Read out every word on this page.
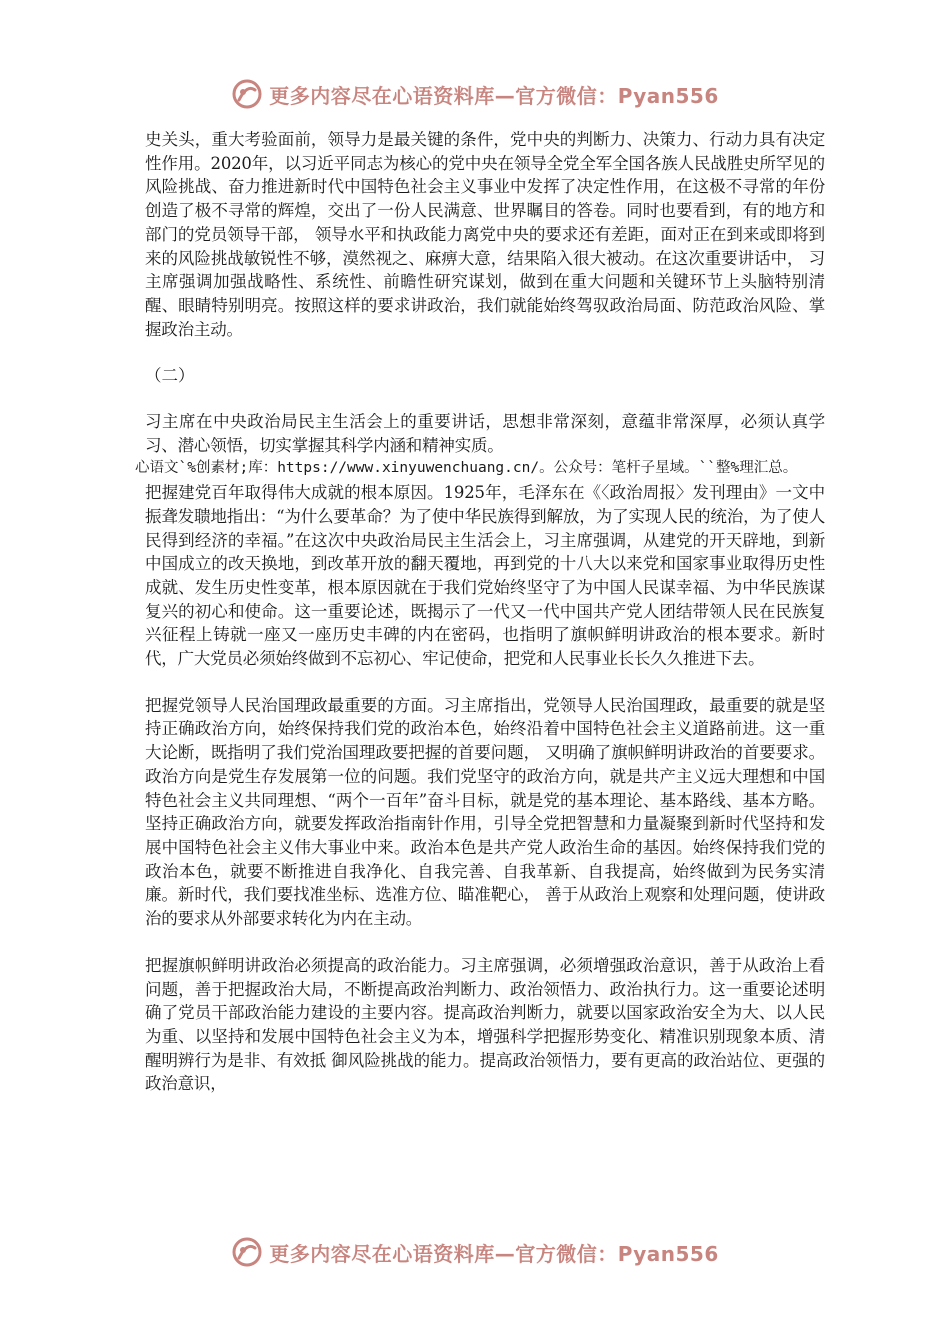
更多内容尽在心语资料库—官方微信：Pyan556

史关头，重大考验面前，领导力是最关键的条件，党中央的判断力、决策力、行动力具有决定性作用。2020年，以习近平同志为核心的党中央在领导全党全军全国各族人民战胜史所罕见的风险挑战、奋力推进新时代中国特色社会主义事业中发挥了决定性作用，在这极不寻常的年份创造了极不寻常的辉煌，交出了一份人民满意、世界瞩目的答卷。同时也要看到，有的地方和部门的党员领导干部， 领导水平和执政能力离党中央的要求还有差距，面对正在到来或即将到来的风险挑战敏锐性不够，漠然视之、麻痹大意，结果陷入很大被动。在这次重要讲话中， 习主席强调加强战略性、系统性、前瞻性研究谋划，做到在重大问题和关键环节上头脑特别清醒、眼睛特别明亮。按照这样的要求讲政治，我们就能始终驾驭政治局面、防范政治风险、掌握政治主动。

（二）

习主席在中央政治局民主生活会上的重要讲话，思想非常深刻，意蕴非常深厚，必须认真学习、潜心领悟，切实掌握其科学内涵和精神实质。

心语文`%创素材;库：https://www.xinyuwenchuang.cn/。公众号：笔杆子星域。``整%理汇总。

把握建党百年取得伟大成就的根本原因。1925年，毛泽东在《〈政治周报〉发刊理由》一文中振聋发聩地指出：“为什么要革命？为了使中华民族得到解放，为了实现人民的统治，为了使人民得到经济的幸福。”在这次中央政治局民主生活会上，习主席强调，从建党的开天辟地，到新中国成立的改天换地，到改革开放的翻天覆地，再到党的十八大以来党和国家事业取得历史性成就、发生历史性变革，根本原因就在于我们党始终坚守了为中国人民谋幸福、为中华民族谋复兴的初心和使命。这一重要论述，既揭示了一代又一代中国共产党人团结带领人民在民族复兴征程上铸就一座又一座历史丰碑的内在密码，也指明了旗帜鲜明讲政治的根本要求。新时代，广大党员必须始终做到不忘初心、牢记使命，把党和人民事业长长久久推进下去。

把握党领导人民治国理政最重要的方面。习主席指出，党领导人民治国理政，最重要的就是坚持正确政治方向，始终保持我们党的政治本色，始终沿着中国特色社会主义道路前进。这一重大论断，既指明了我们党治国理政要把握的首要问题， 又明确了旗帜鲜明讲政治的首要要求。政治方向是党生存发展第一位的问题。我们党坚守的政治方向，就是共产主义远大理想和中国特色社会主义共同理想、“两个一百年”奋斗目标，就是党的基本理论、基本路线、基本方略。坚持正确政治方向，就要发挥政治指南针作用，引导全党把智慧和力量凝聚到新时代坚持和发展中国特色社会主义伟大事业中来。政治本色是共产党人政治生命的基因。始终保持我们党的政治本色，就要不断推进自我净化、自我完善、自我革新、自我提高，始终做到为民务实清廉。新时代，我们要找准坐标、选准方位、瞄准靶心， 善于从政治上观察和处理问题，使讲政治的要求从外部要求转化为内在主动。

把握旗帜鲜明讲政治必须提高的政治能力。习主席强调，必须增强政治意识，善于从政治上看问题，善于把握政治大局，不断提高政治判断力、政治领悟力、政治执行力。这一重要论述明确了党员干部政治能力建设的主要内容。提高政治判断力，就要以国家政治安全为大、以人民为重、以坚持和发展中国特色社会主义为本，增强科学把握形势变化、精准识别现象本质、清醒明辨行为是非、有效抵 御风险挑战的能力。提高政治领悟力，要有更高的政治站位、更强的政治意识，

更多内容尽在心语资料库—官方微信：Pyan556
